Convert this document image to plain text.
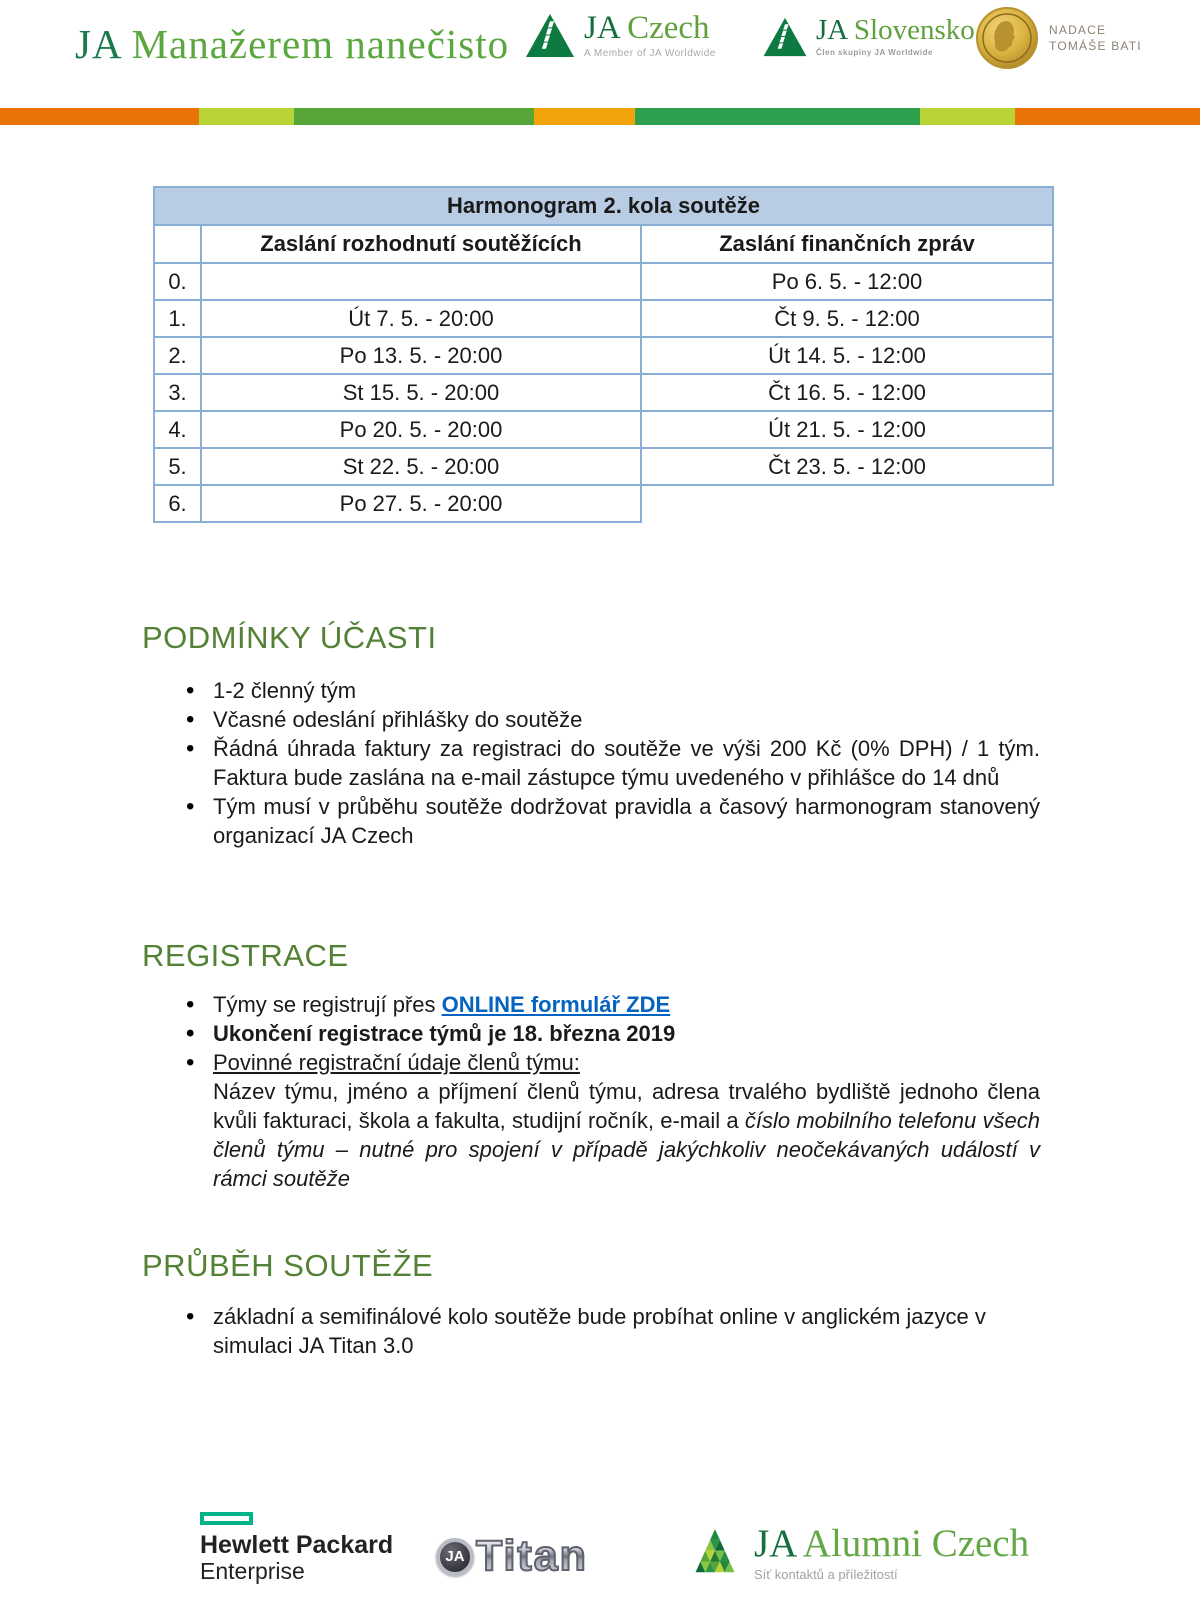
JA Manažerem nanečisto JA Czech
A Member of JA Worldwide
JA Slovensko
Člen skupiny JA Worldwide
NADACE
TOMÁŠE BATI
Harmonogram 2. kola soutěže		
	Zaslání rozhodnutí soutěžících	Zaslání finančních zpráv
0.		Po 6. 5. - 12:00
1.	Út 7. 5. - 20:00	Čt 9. 5. - 12:00
2.	Po 13. 5. - 20:00	Út 14. 5. - 12:00
3.	St 15. 5. - 20:00	Čt 16. 5. - 12:00
4.	Po 20. 5. - 20:00	Út 21. 5. - 12:00
5.	St 22. 5. - 20:00	Čt 23. 5. - 12:00
6.	Po 27. 5. - 20:00	
PODMÍNKY ÚČASTI
• 1-2 členný tým
• Včasné odeslání přihlášky do soutěže
• Řádná úhrada faktury za registraci do soutěže ve výši 200 Kč (0% DPH) / 1 tým. Faktura bude zaslána na e-mail zástupce týmu uvedeného v přihlášce do 14 dnů
• Tým musí v průběhu soutěže dodržovat pravidla a časový harmonogram stanovený organizací JA Czech
REGISTRACE
• Týmy se registrují přes ONLINE formulář ZDE
• Ukončení registrace týmů je 18. března 2019
• Povinné registrační údaje členů týmu:
Název týmu, jméno a příjmení členů týmu, adresa trvalého bydliště jednoho člena kvůli fakturaci, škola a fakulta, studijní ročník, e-mail a číslo mobilního telefonu všech členů týmu – nutné pro spojení v případě jakýchkoliv neočekávaných událostí v rámci soutěže
PRŮBĚH SOUTĚŽE
• základní a semifinálové kolo soutěže bude probíhat online v anglickém jazyce v simulaci JA Titan 3.0
Hewlett Packard
Enterprise
JA Titan	JA Alumni Czech
Síť kontaktů a příležitostí
